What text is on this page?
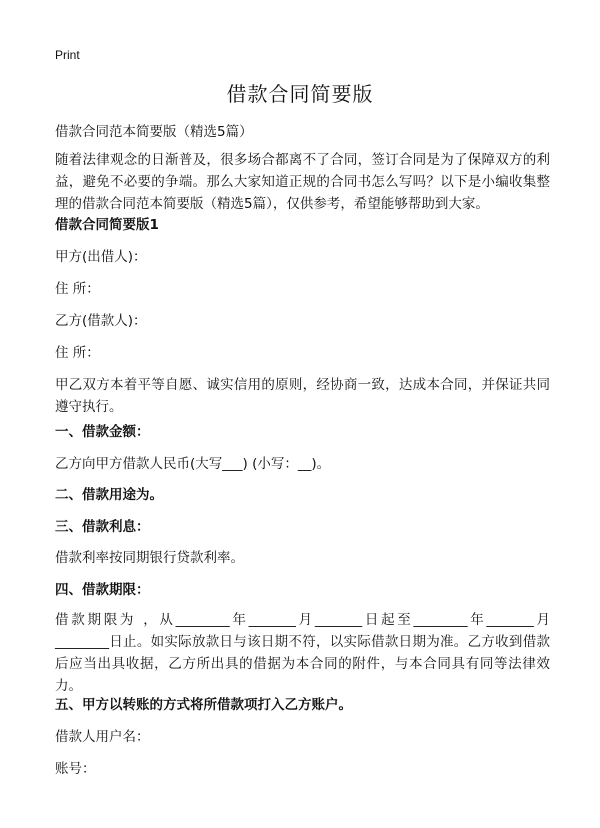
Print
借款合同简要版

借款合同范本简要版（精选5篇）

随着法律观念的日渐普及，很多场合都离不了合同，签订合同是为了保障双方的利益，避免不必要的争端。那么大家知道正规的合同书怎么写吗？以下是小编收集整理的借款合同范本简要版（精选5篇），仅供参考，希望能够帮助到大家。

借款合同简要版1

甲方(出借人)：

住 所：

乙方(借款人)：

住 所：

甲乙双方本着平等自愿、诚实信用的原则，经协商一致，达成本合同，并保证共同遵守执行。

一、借款金额：

乙方向甲方借款人民币(大写___) (小写：__)。

二、借款用途为。

三、借款利息：

借款利率按同期银行贷款利率。

四、借款期限：

借款期限为 ，从________年_______月_______日起至________年_______月________日止。如实际放款日与该日期不符，以实际借款日期为准。乙方收到借款后应当出具收据，乙方所出具的借据为本合同的附件，与本合同具有同等法律效力。

五、甲方以转账的方式将所借款项打入乙方账户。

借款人用户名：

账号：
